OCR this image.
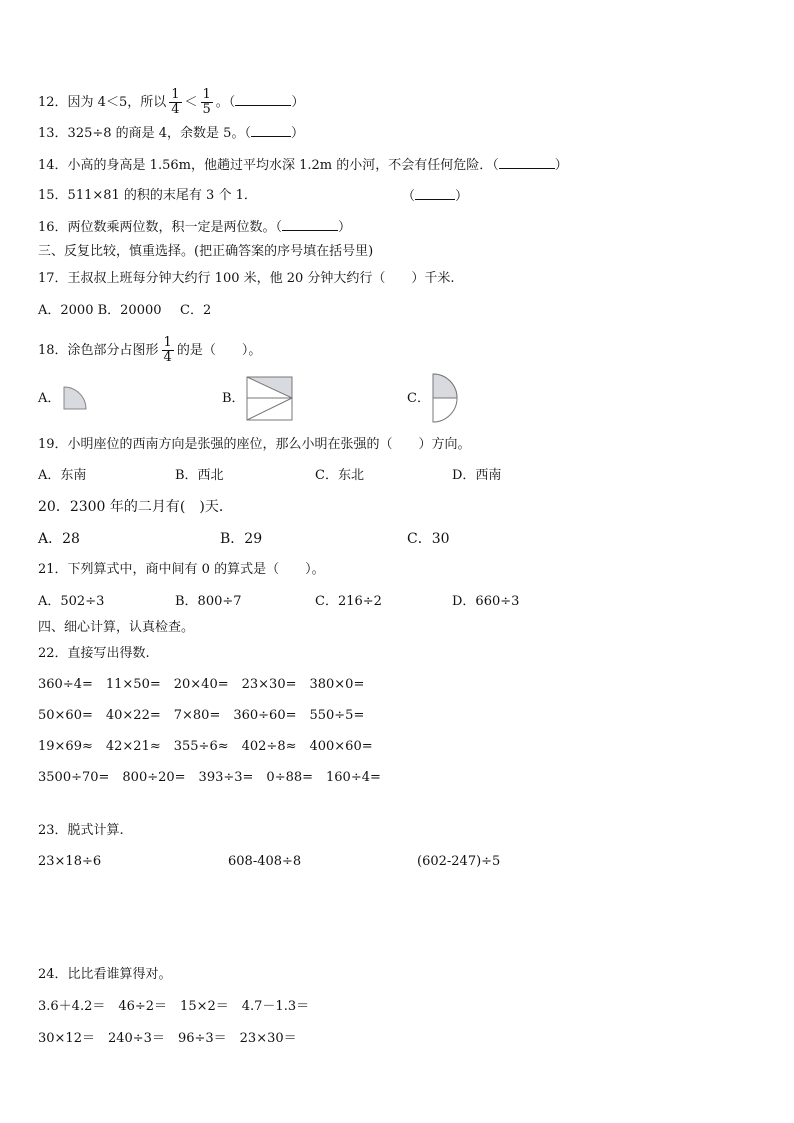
12．因为 4＜5，所以 $\frac{1}{4} < \frac{1}{5}$ 。（	）
13．325÷8 的商是 4，余数是 5。（	）
14．小高的身高是 1.56m，他趟过平均水深 1.2m 的小河，不会有任何危险．（	）
15．511×81 的积的末尾有 3 个 1．	（	）
16．两位数乘两位数，积一定是两位数。（	）
三、反复比较，慎重选择。(把正确答案的序号填在括号里)
17．王叔叔上班每分钟大约行 100 米，他 20 分钟大约行（　　）千米.
A．2000 B．20000 C．2
18．涂色部分占图形 $\frac{1}{4}$ 的是（　　）。
A．	B．	C．
19．小明座位的西南方向是张强的座位，那么小明在张强的（　　）方向。
A．东南	B．西北	C．东北	D．西南
20．2300 年的二月有(　)天．
A．28	B．29	C．30
21．下列算式中，商中间有 0 的算式是（　　）。
A．502÷3	B．800÷7	C．216÷2	D．660÷3
四、细心计算，认真检查。
22．直接写出得数.
360÷4=　11×50=　20×40=　23×30=　380×0=
50×60=　40×22=　7×80=　360÷60=　550÷5=
19×69≈　42×21≈　355÷6≈　402÷8≈　400×60=
3500÷70=　800÷20=　393÷3=　0÷88=　160÷4=
23．脱式计算.
23×18÷6	608-408÷8	(602-247)÷5
24．比比看谁算得对。
3.6＋4.2＝　46÷2＝　15×2＝　4.7－1.3＝
30×12＝　240÷3＝　96÷3＝　23×30＝
